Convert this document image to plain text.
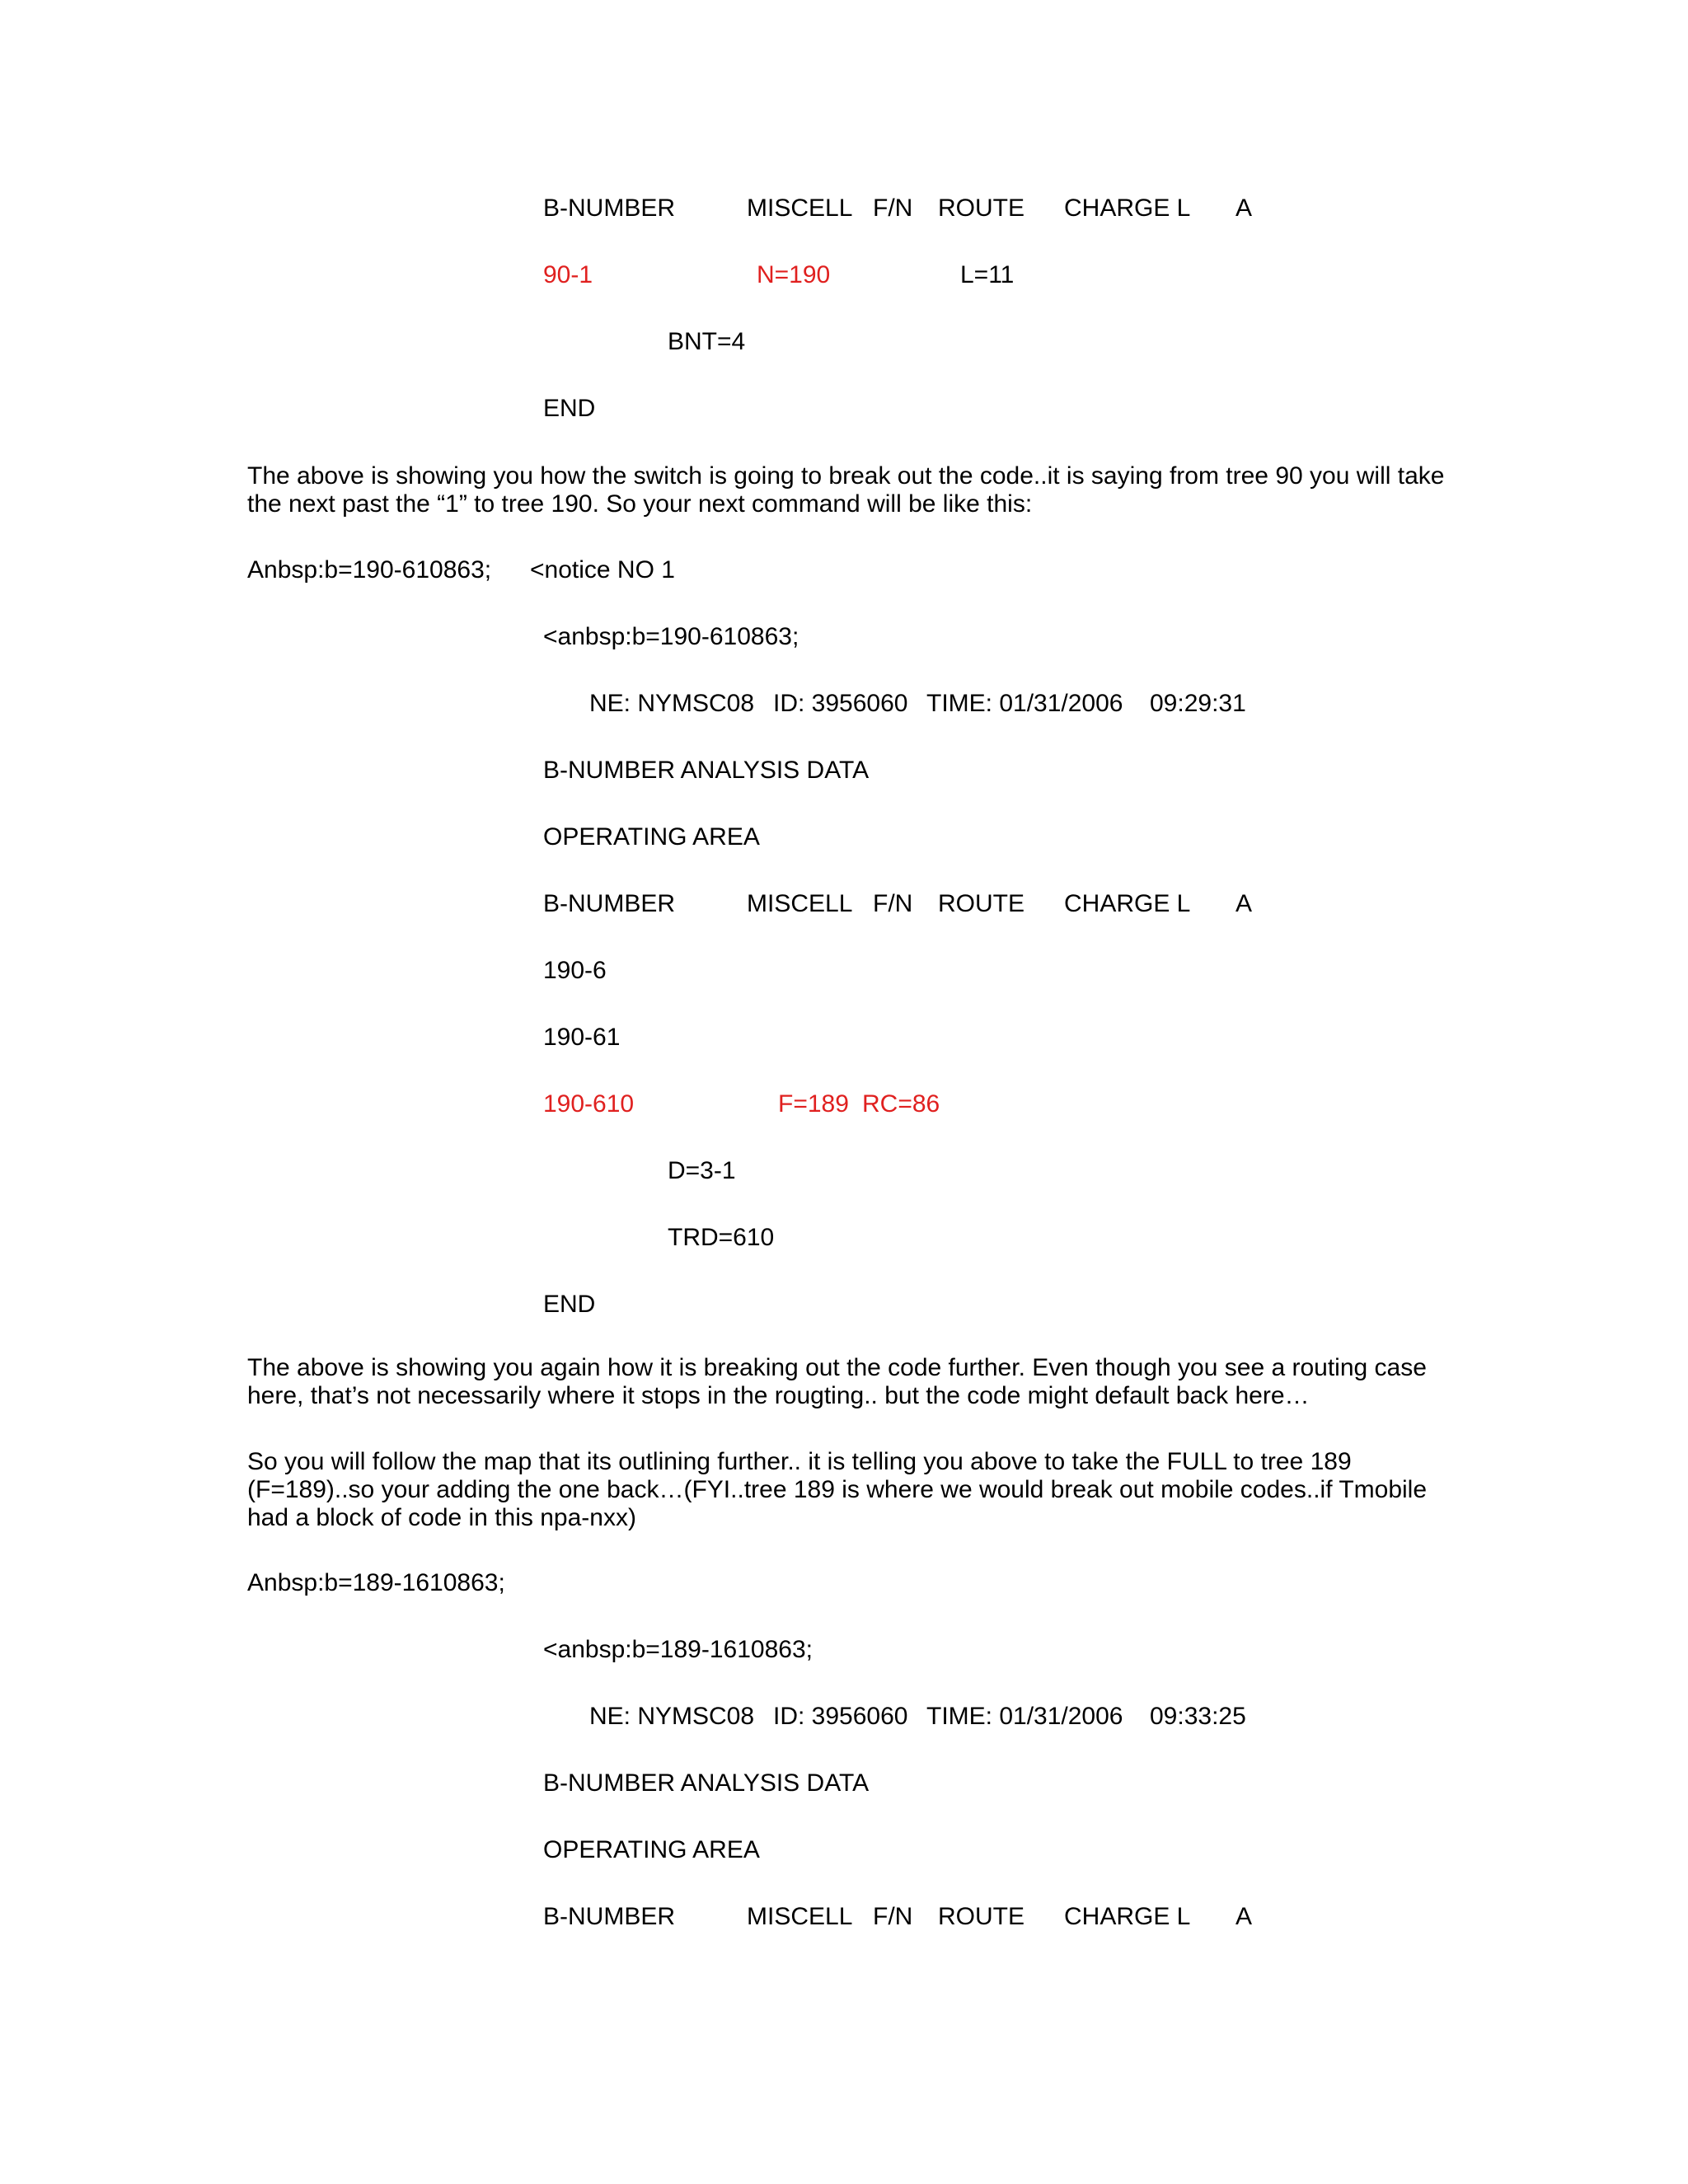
B-NUMBER	MISCELL F/N ROUTE CHARGE L A
90-1	N=190	L=11
BNT=4
END
The above is showing you how the switch is going to break out the code..it is saying from tree 90 you will take the next past the “1” to tree 190. So your next command will be like this:
Anbsp:b=190-610863; <notice NO 1
<anbsp:b=190-610863;
NE: NYMSC08 ID: 3956060 TIME: 01/31/2006 09:29:31
B-NUMBER ANALYSIS DATA
OPERATING AREA
B-NUMBER	MISCELL F/N ROUTE CHARGE L A
190-6
190-61
190-610	F=189 RC=86
D=3-1
TRD=610
END
The above is showing you again how it is breaking out the code further. Even though you see a routing case here, that’s not necessarily where it stops in the rougting.. but the code might default back here…
So you will follow the map that its outlining further.. it is telling you above to take the FULL to tree 189 (F=189)..so your adding the one back…(FYI..tree 189 is where we would break out mobile codes..if Tmobile had a block of code in this npa-nxx)
Anbsp:b=189-1610863;
<anbsp:b=189-1610863;
NE: NYMSC08 ID: 3956060 TIME: 01/31/2006 09:33:25
B-NUMBER ANALYSIS DATA
OPERATING AREA
B-NUMBER	MISCELL F/N ROUTE CHARGE L A
